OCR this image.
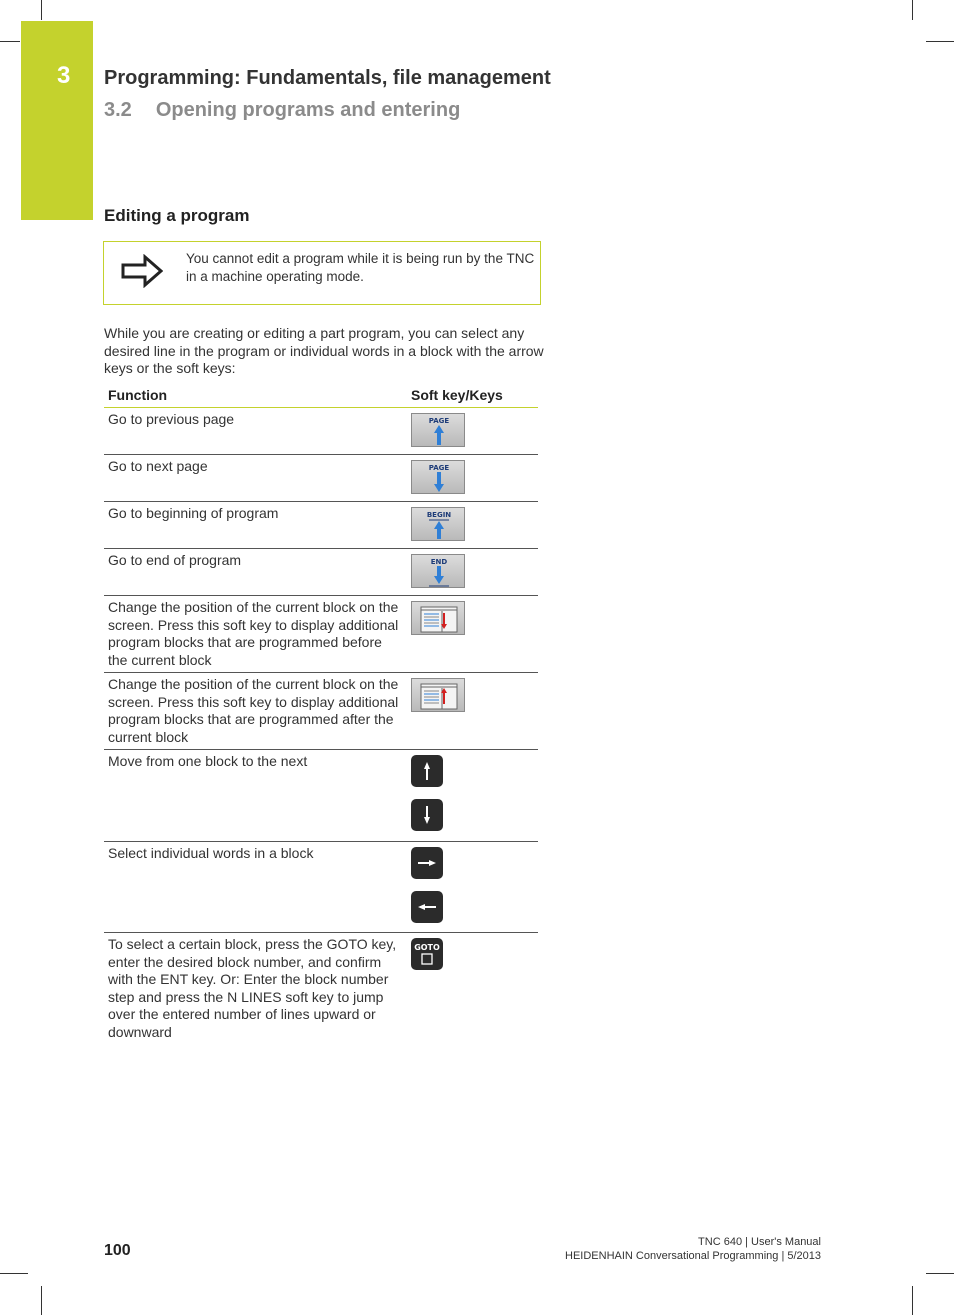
3 Programming: Fundamentals, file management
3.2 Opening programs and entering
Editing a program
You cannot edit a program while it is being run by the TNC in a machine operating mode.
While you are creating or editing a part program, you can select any desired line in the program or individual words in a block with the arrow keys or the soft keys:
Function	Soft key/Keys
Go to previous page	PAGE

Go to next page	PAGE

Go to beginning of program	BEGIN

Go to end of program	END

Change the position of the current block on the screen. Press this soft key to display additional program blocks that are programmed before the current block	

Change the position of the current block on the screen. Press this soft key to display additional program blocks that are programmed after the current block	

Move from one block to the next	

Select individual words in a block	

To select a certain block, press the GOTO key, enter the desired block number, and confirm with the ENT key. Or: Enter the block number step and press the N LINES soft key to jump over the entered number of lines upward or downward	GOTO
100	TNC 640 | User's Manual
HEIDENHAIN Conversational Programming | 5/2013
